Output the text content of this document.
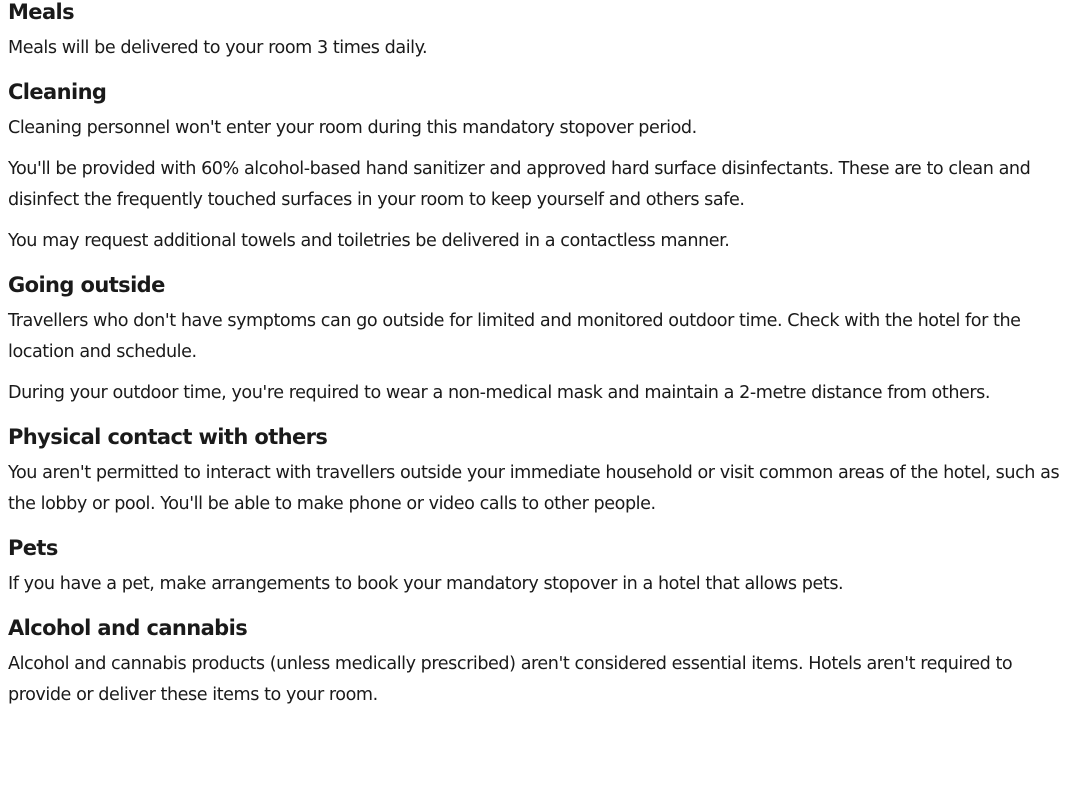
Meals

Meals will be delivered to your room 3 times daily.

Cleaning

Cleaning personnel won't enter your room during this mandatory stopover period.

You'll be provided with 60% alcohol-based hand sanitizer and approved hard surface disinfectants. These are to clean and disinfect the frequently touched surfaces in your room to keep yourself and others safe.

You may request additional towels and toiletries be delivered in a contactless manner.

Going outside

Travellers who don't have symptoms can go outside for limited and monitored outdoor time. Check with the hotel for the location and schedule.

During your outdoor time, you're required to wear a non-medical mask and maintain a 2-metre distance from others.

Physical contact with others

You aren't permitted to interact with travellers outside your immediate household or visit common areas of the hotel, such as the lobby or pool. You'll be able to make phone or video calls to other people.

Pets

If you have a pet, make arrangements to book your mandatory stopover in a hotel that allows pets.

Alcohol and cannabis

Alcohol and cannabis products (unless medically prescribed) aren't considered essential items. Hotels aren't required to provide or deliver these items to your room.
